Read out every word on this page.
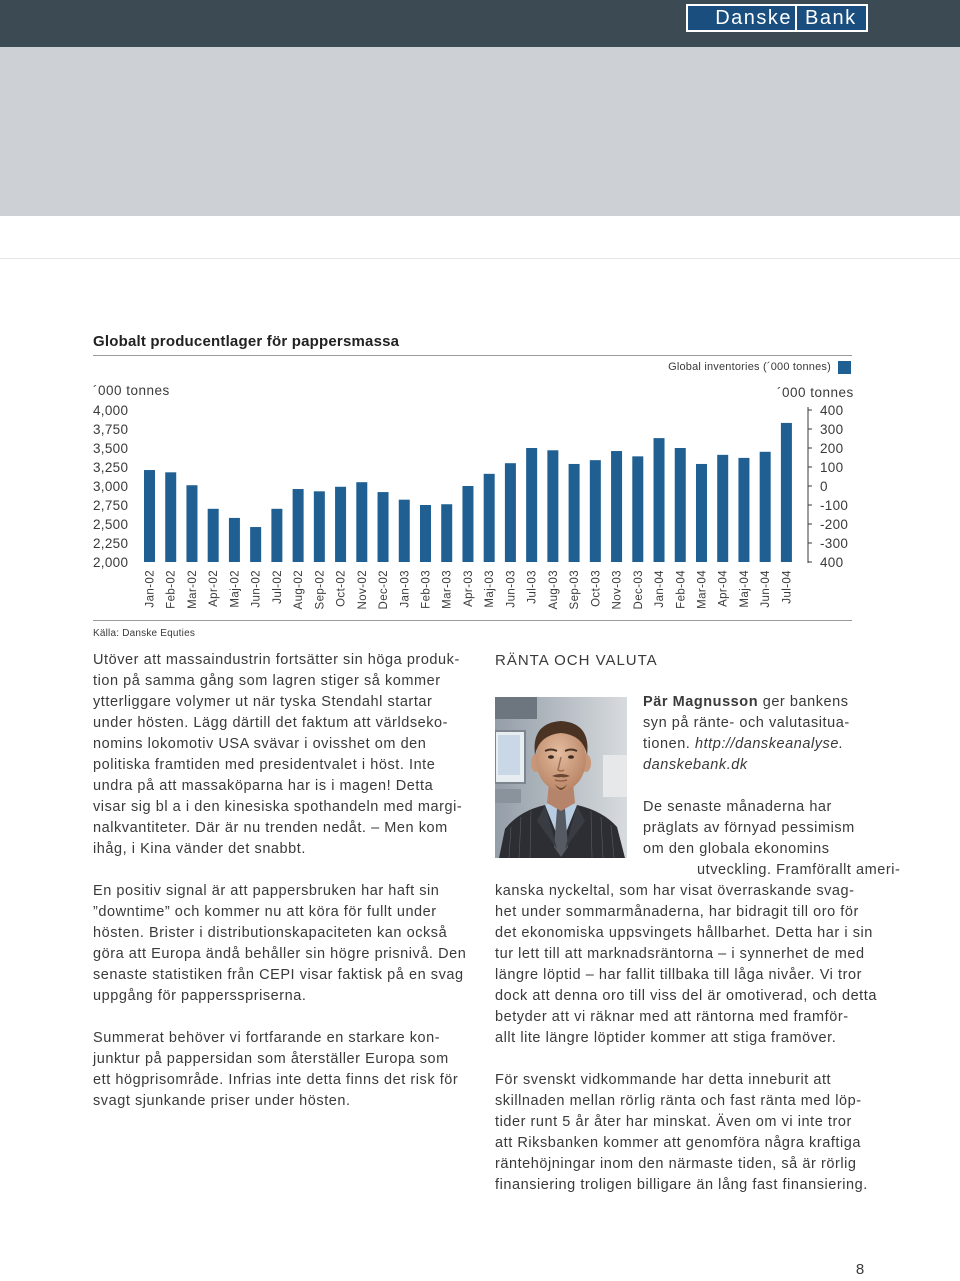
Danske Bank
Globalt producentlager för pappersmassa
Global inventories (´000 tonnes)
´000 tonnes	´000 tonnes
4,000
3,750
3,500
3,250
3,000
2,750
2,500
2,250
2,000
400
300
200
100
0
-100
-200
-300
400
Jan-02 Feb-02 Mar-02 Apr-02 Maj-02 Jun-02 Jul-02 Aug-02 Sep-02 Oct-02 Nov-02 Dec-02 Jan-03 Feb-03 Mar-03 Apr-03 Maj-03 Jun-03 Jul-03 Aug-03 Sep-03 Oct-03 Nov-03 Dec-03 Jan-04 Feb-04 Mar-04 Apr-04 Maj-04 Jun-04 Jul-04
Källa: Danske Equties
Utöver att massaindustrin fortsätter sin höga produk-
tion på samma gång som lagren stiger så kommer
ytterliggare volymer ut när tyska Stendahl startar
under hösten. Lägg därtill det faktum att världseko-
nomins lokomotiv USA svävar i ovisshet om den
politiska framtiden med presidentvalet i höst. Inte
undra på att massaköparna har is i magen! Detta
visar sig bl a i den kinesiska spothandeln med margi-
nalkvantiteter. Där är nu trenden nedåt. – Men kom
ihåg, i Kina vänder det snabbt.
En positiv signal är att pappersbruken har haft sin
”downtime” och kommer nu att köra för fullt under
hösten. Brister i distributionskapaciteten kan också
göra att Europa ändå behåller sin högre prisnivå. Den
senaste statistiken från CEPI visar faktisk på en svag
uppgång för pappersspriserna.
Summerat behöver vi fortfarande en starkare kon-
junktur på pappersidan som återställer Europa som
ett högprisområde. Infrias inte detta finns det risk för
svagt sjunkande priser under hösten.
RÄNTA OCH VALUTA
Pär Magnusson ger bankens
syn på ränte- och valutasitua-
tionen. http://danskeanalyse.
danskebank.dk
De senaste månaderna har
präglats av förnyad pessimism
om den globala ekonomins
utveckling. Framförallt ameri-
kanska nyckeltal, som har visat överraskande svag-
het under sommarmånaderna, har bidragit till oro för
det ekonomiska uppsvingets hållbarhet. Detta har i sin
tur lett till att marknadsräntorna – i synnerhet de med
längre löptid – har fallit tillbaka till låga nivåer. Vi tror
dock att denna oro till viss del är omotiverad, och detta
betyder att vi räknar med att räntorna med framför-
allt lite längre löptider kommer att stiga framöver.
För svenskt vidkommande har detta inneburit att
skillnaden mellan rörlig ränta och fast ränta med löp-
tider runt 5 år åter har minskat. Även om vi inte tror
att Riksbanken kommer att genomföra några kraftiga
räntehöjningar inom den närmaste tiden, så är rörlig
finansiering troligen billigare än lång fast finansiering.
8
